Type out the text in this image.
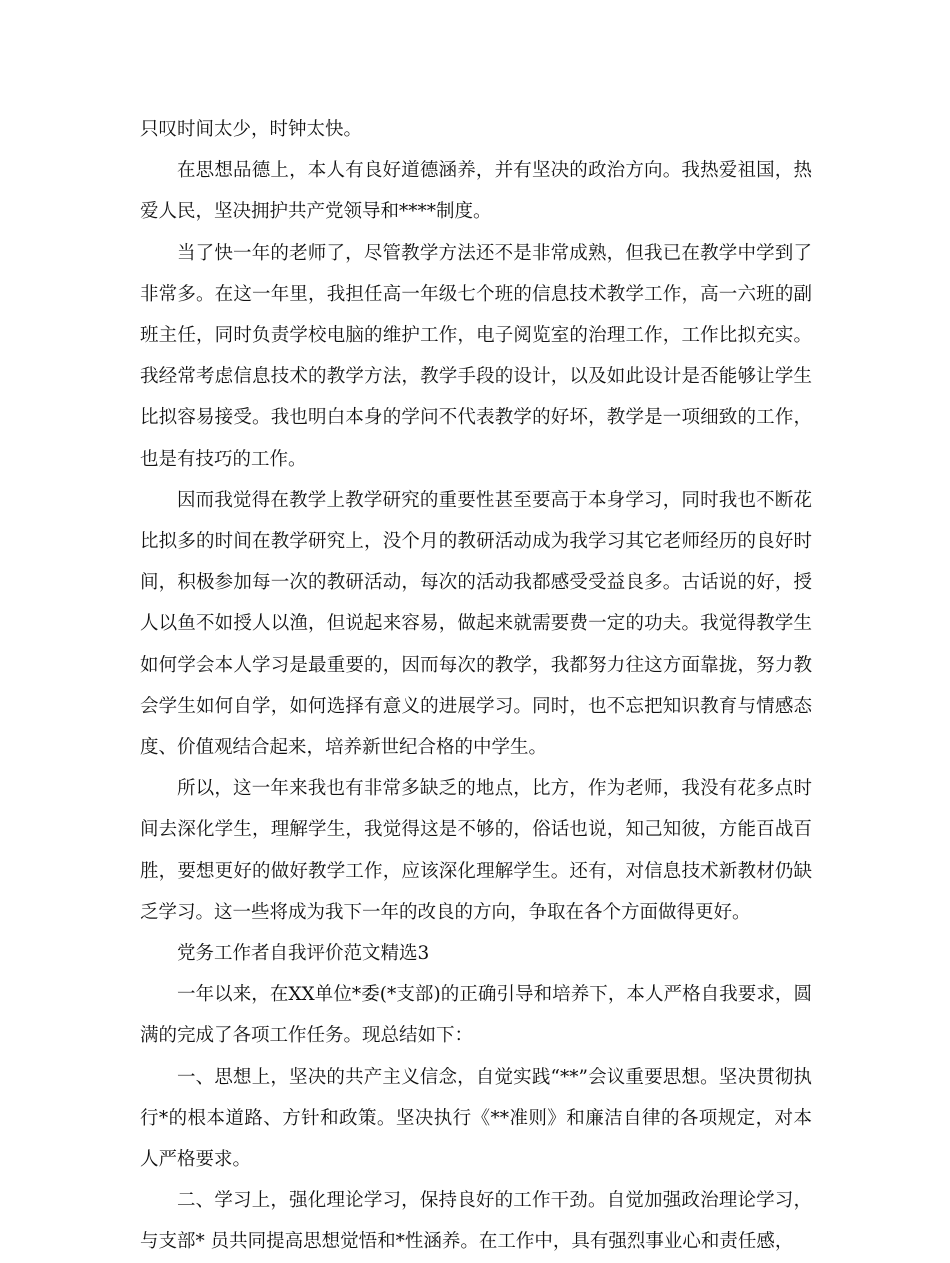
只叹时间太少，时钟太快。

在思想品德上，本人有良好道德涵养，并有坚决的政治方向。我热爱祖国，热爱人民，坚决拥护共产党领导和****制度。

当了快一年的老师了，尽管教学方法还不是非常成熟，但我已在教学中学到了非常多。在这一年里，我担任高一年级七个班的信息技术教学工作，高一六班的副班主任，同时负责学校电脑的维护工作，电子阅览室的治理工作，工作比拟充实。我经常考虑信息技术的教学方法，教学手段的设计，以及如此设计是否能够让学生比拟容易接受。我也明白本身的学问不代表教学的好坏，教学是一项细致的工作，也是有技巧的工作。

因而我觉得在教学上教学研究的重要性甚至要高于本身学习，同时我也不断花比拟多的时间在教学研究上，没个月的教研活动成为我学习其它老师经历的良好时间，积极参加每一次的教研活动，每次的活动我都感受受益良多。古话说的好，授人以鱼不如授人以渔，但说起来容易，做起来就需要费一定的功夫。我觉得教学生如何学会本人学习是最重要的，因而每次的教学，我都努力往这方面靠拢，努力教会学生如何自学，如何选择有意义的进展学习。同时，也不忘把知识教育与情感态度、价值观结合起来，培养新世纪合格的中学生。

所以，这一年来我也有非常多缺乏的地点，比方，作为老师，我没有花多点时间去深化学生，理解学生，我觉得这是不够的，俗话也说，知己知彼，方能百战百胜，要想更好的做好教学工作，应该深化理解学生。还有，对信息技术新教材仍缺乏学习。这一些将成为我下一年的改良的方向，争取在各个方面做得更好。

党务工作者自我评价范文精选3

一年以来，在XX单位*委(*支部)的正确引导和培养下，本人严格自我要求，圆满的完成了各项工作任务。现总结如下：

一、思想上，坚决的共产主义信念，自觉实践“**”会议重要思想。坚决贯彻执行*的根本道路、方针和政策。坚决执行《**准则》和廉洁自律的各项规定，对本人严格要求。

二、学习上，强化理论学习，保持良好的工作干劲。自觉加强政治理论学习，与支部* 员共同提高思想觉悟和*性涵养。在工作中，具有强烈事业心和责任感，
